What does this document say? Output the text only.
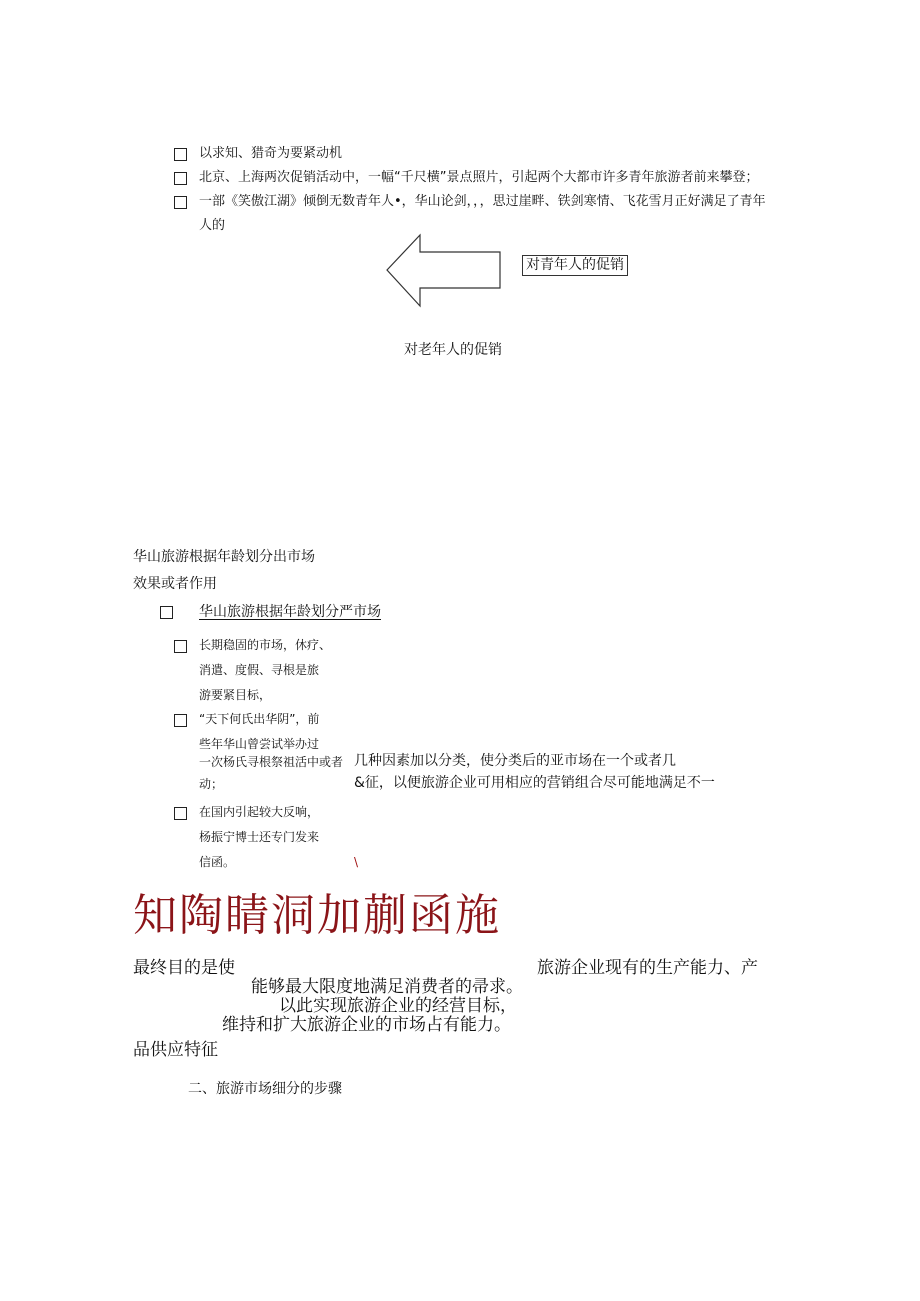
以求知、猎奇为要紧动机
北京、上海两次促销活动中，一幅“千尺横”景点照片，引起两个大都市许多青年旅游者前来攀登；
一部《笑傲江湖》倾倒无数青年人•，华山论剑，，，思过崖畔、铁剑寒情、飞花雪月正好满足了青年
人的
对青年人的促销
对老年人的促销
华山旅游根据年龄划分出市场
效果或者作用
华山旅游根据年龄划分严市场
长期稳固的市场，休疗、
消遣、度假、寻根是旅
游要紧目标，
“天下何氏出华阴”，前
些年华山曾尝试举办过
一次杨氏寻根祭祖活中或者
动；
几种因素加以分类，使分类后的亚市场在一个或者几
&征，以便旅游企业可用相应的营销组合尽可能地满足不一
在国内引起较大反响，
杨振宁博士还专门发来
信函。	\
知陶睛洞加蒯函施
最终目的是使	旅游企业现有的生产能力、产
能够最大限度地满足消费者的帚求。
以此实现旅游企业的经营目标，
维持和扩大旅游企业的市场占有能力。
品供应特征
二、旅游市场细分的步骤
